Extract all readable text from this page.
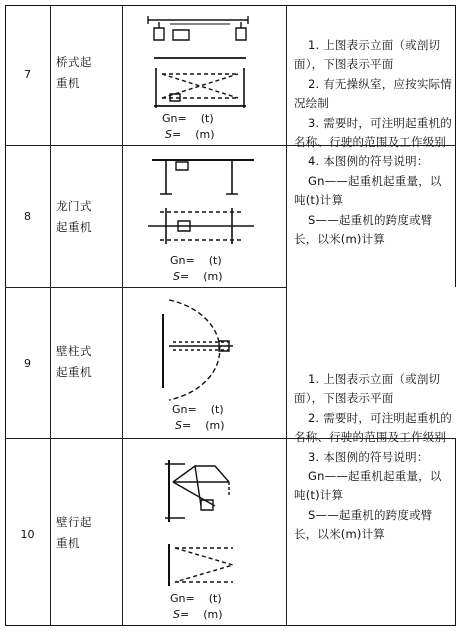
7
桥式起
重机
Gn= (t)
S= (m)
8
龙门式
起重机
Gn= (t)
S= (m)
9
壁柱式
起重机
Gn= (t)
S= (m)
10
壁行起
重机
Gn= (t)
S= (m)

1. 上图表示立面（或剖切面），下图表示平面

2. 有无操纵室，应按实际情况绘制

3. 需要时，可注明起重机的名称、行驶的范围及工作级别

4. 本图例的符号说明：

Gn——起重机起重量，以吨(t)计算

S——起重机的跨度或臂长，以米(m)计算

1. 上图表示立面（或剖切面），下图表示平面

2. 需要时，可注明起重机的名称、行驶的范围及工作级别

3. 本图例的符号说明：

Gn——起重机起重量，以吨(t)计算

S——起重机的跨度或臂长，以米(m)计算
